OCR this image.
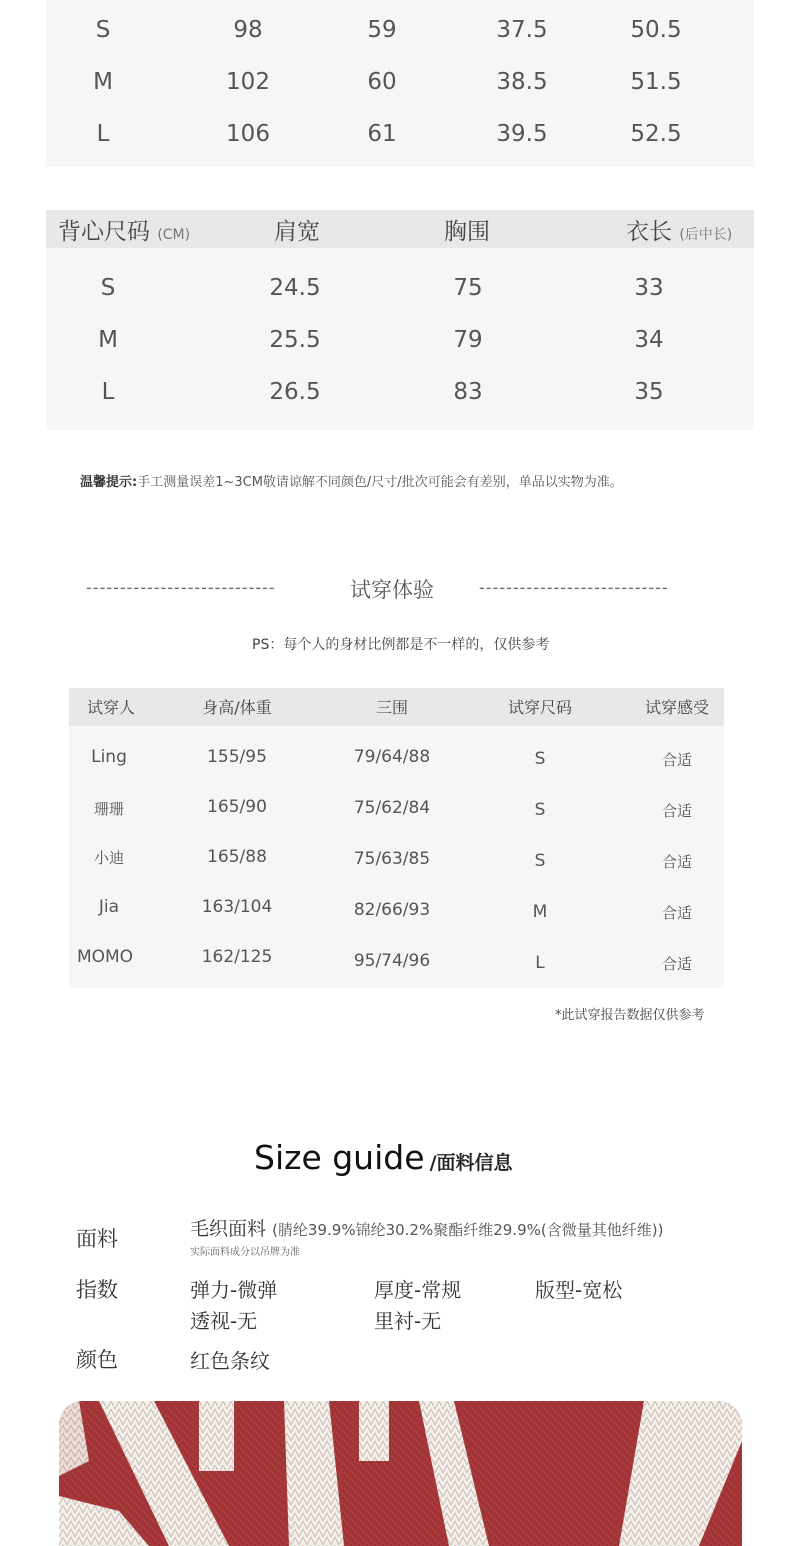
S	98	59	37.5	50.5
M	102	60	38.5	51.5
L	106	61	39.5	52.5
背心尺码 (CM)	肩宽	胸围	衣长 (后中长)
S	24.5	75	33
M	25.5	79	34
L	26.5	83	35
温馨提示:手工测量误差1~3CM敬请谅解不同颜色/尺寸/批次可能会有差别，单品以实物为准。
----------------------------	试穿体验	----------------------------
PS：每个人的身材比例都是不一样的，仅供参考
试穿人	身高/体重	三围	试穿尺码	试穿感受
Ling	155/95	79/64/88	S	合适
珊珊	165/90	75/62/84	S	合适
小迪	165/88	75/63/85	S	合适
Jia	163/104	82/66/93	M	合适
MOMO	162/125	95/74/96	L	合适
*此试穿报告数据仅供参考
Size guide /面料信息
面料	毛织面料 (腈纶39.9%锦纶30.2%聚酯纤维29.9%(含微量其他纤维))
实际面料成分以吊牌为准
指数	弹力-微弹	厚度-常规	版型-宽松
透视-无	里衬-无
颜色	红色条纹
